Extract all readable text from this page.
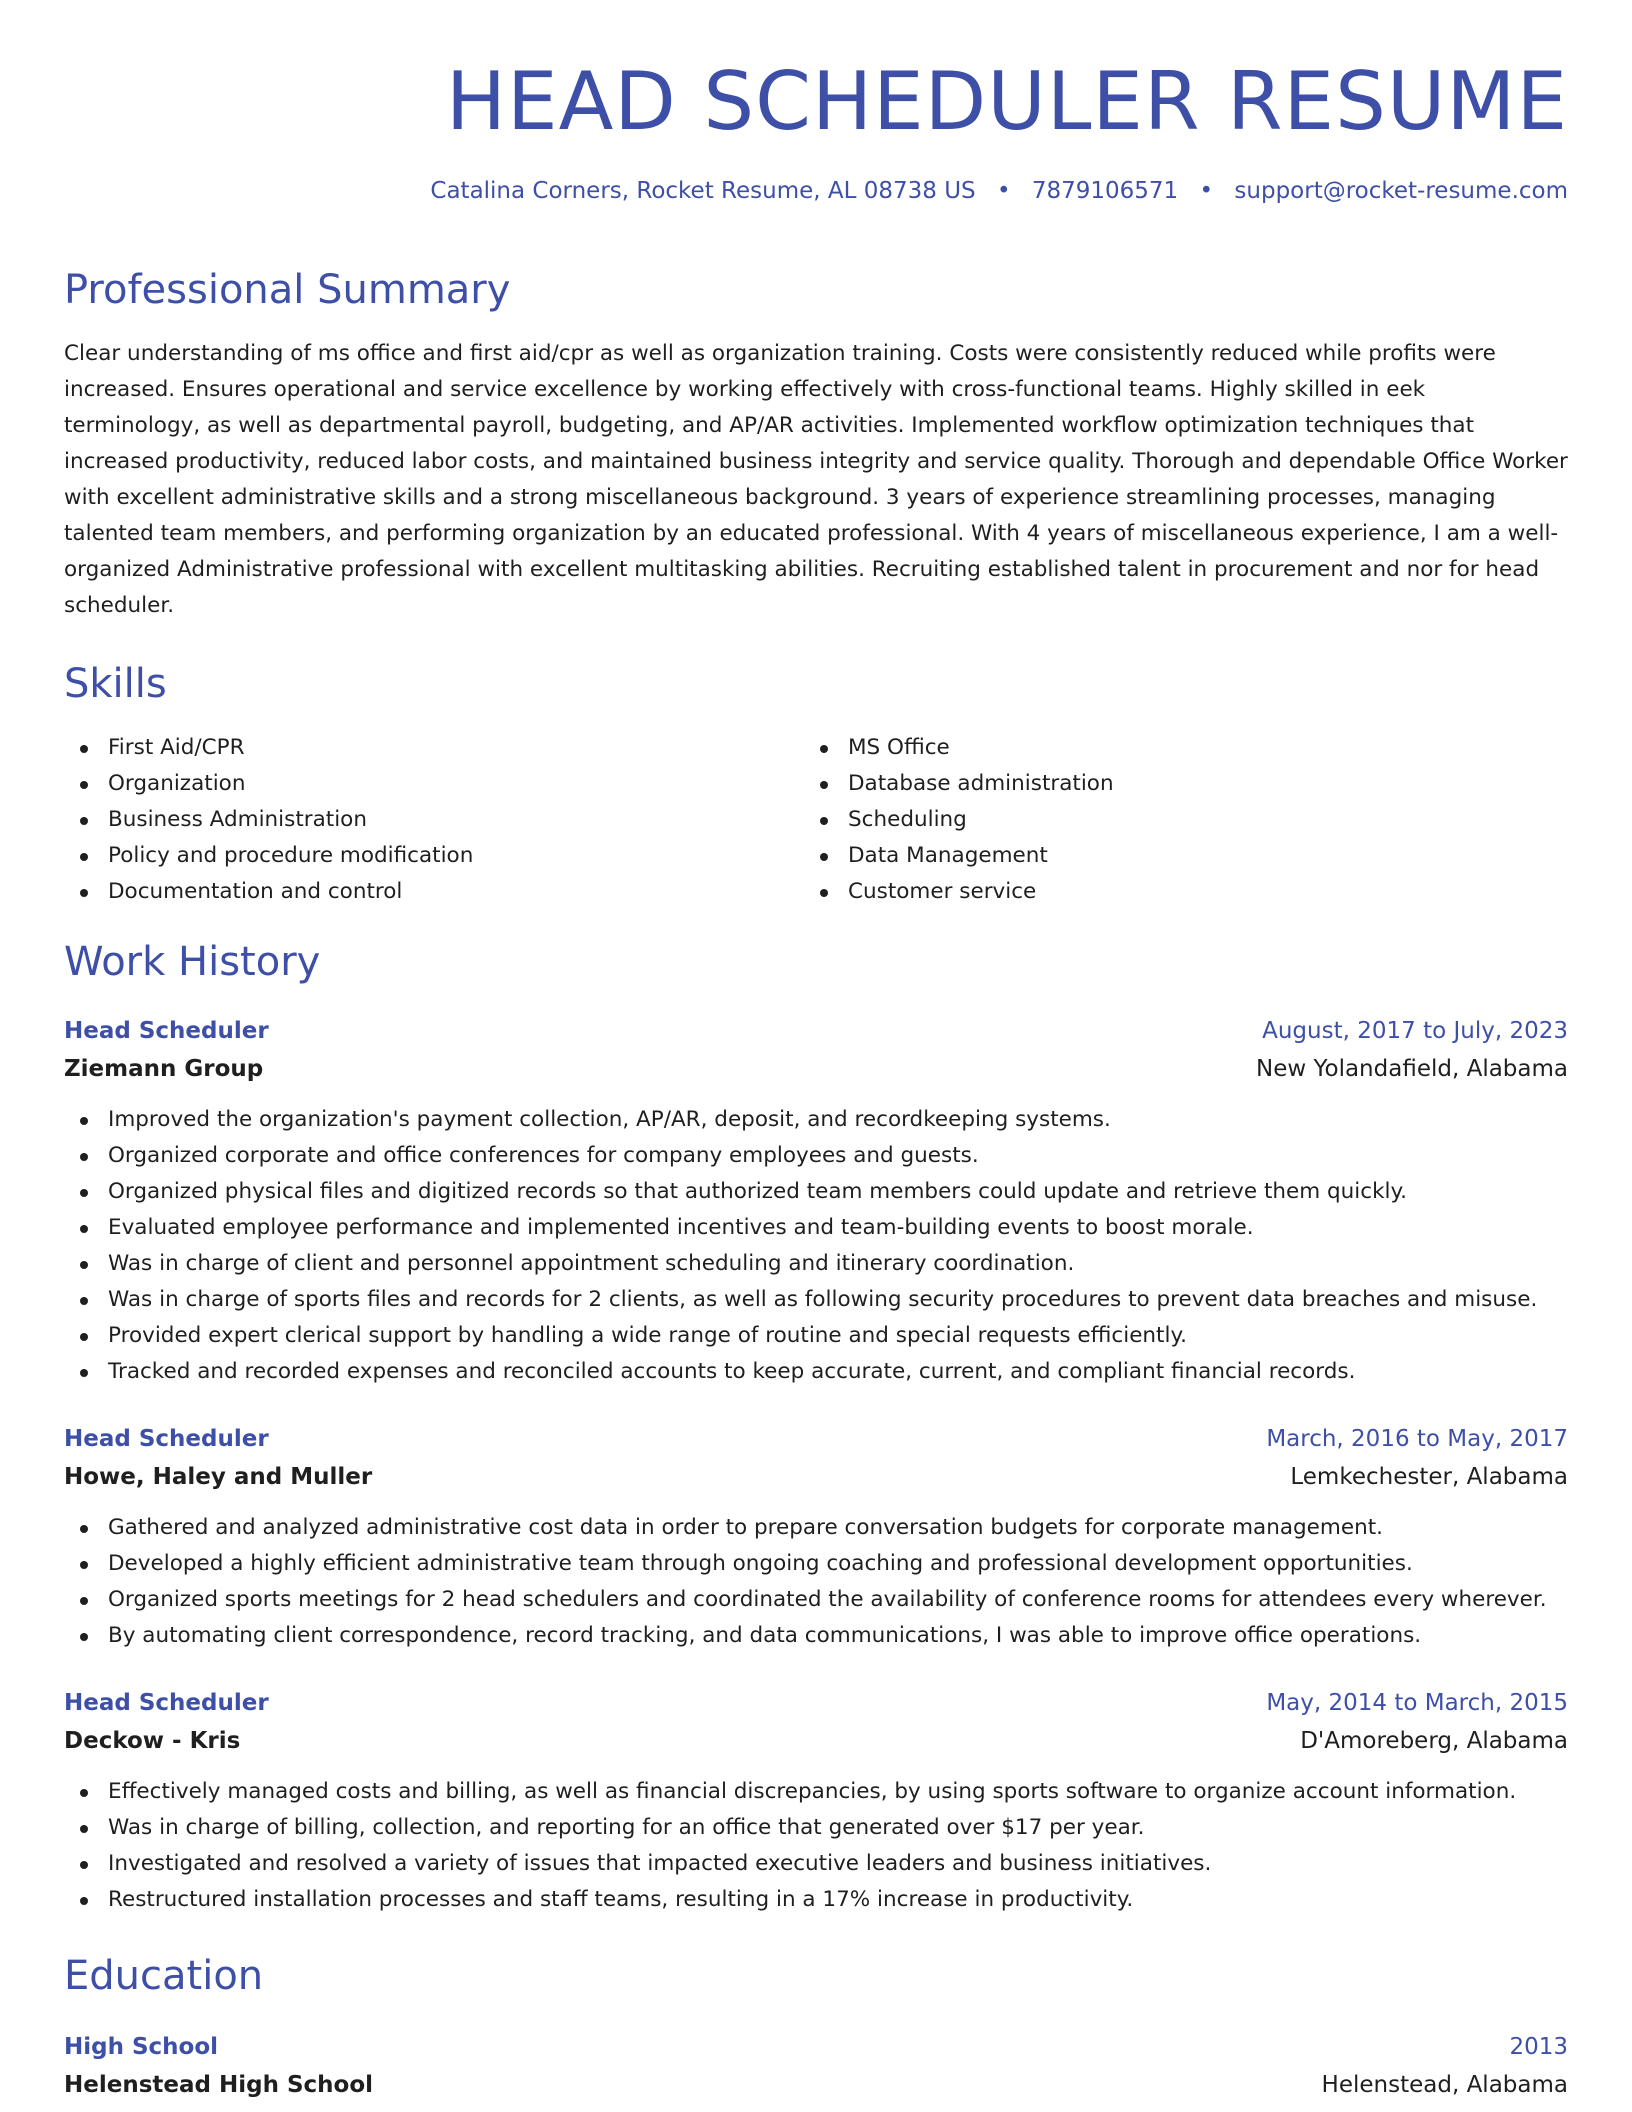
HEAD SCHEDULER RESUME
Catalina Corners, Rocket Resume, AL 08738 US • 7879106571 • support@rocket-resume.com
Professional Summary

Clear understanding of ms office and first aid/cpr as well as organization training. Costs were consistently reduced while profits were increased. Ensures operational and service excellence by working effectively with cross-functional teams. Highly skilled in eek terminology, as well as departmental payroll, budgeting, and AP/AR activities. Implemented workflow optimization techniques that increased productivity, reduced labor costs, and maintained business integrity and service quality. Thorough and dependable Office Worker with excellent administrative skills and a strong miscellaneous background. 3 years of experience streamlining processes, managing talented team members, and performing organization by an educated professional. With 4 years of miscellaneous experience, I am a well-organized Administrative professional with excellent multitasking abilities. Recruiting established talent in procurement and nor for head scheduler.

Skills
First Aid/CPR
Organization
Business Administration
Policy and procedure modification
Documentation and control
MS Office
Database administration
Scheduling
Data Management
Customer service
Work History
Head Scheduler	August, 2017 to July, 2023
Ziemann Group	New Yolandafield, Alabama
Improved the organization's payment collection, AP/AR, deposit, and recordkeeping systems.
Organized corporate and office conferences for company employees and guests.
Organized physical files and digitized records so that authorized team members could update and retrieve them quickly.
Evaluated employee performance and implemented incentives and team-building events to boost morale.
Was in charge of client and personnel appointment scheduling and itinerary coordination.
Was in charge of sports files and records for 2 clients, as well as following security procedures to prevent data breaches and misuse.
Provided expert clerical support by handling a wide range of routine and special requests efficiently.
Tracked and recorded expenses and reconciled accounts to keep accurate, current, and compliant financial records.
Head Scheduler	March, 2016 to May, 2017
Howe, Haley and Muller	Lemkechester, Alabama
Gathered and analyzed administrative cost data in order to prepare conversation budgets for corporate management.
Developed a highly efficient administrative team through ongoing coaching and professional development opportunities.
Organized sports meetings for 2 head schedulers and coordinated the availability of conference rooms for attendees every wherever.
By automating client correspondence, record tracking, and data communications, I was able to improve office operations.
Head Scheduler	May, 2014 to March, 2015
Deckow - Kris	D'Amoreberg, Alabama
Effectively managed costs and billing, as well as financial discrepancies, by using sports software to organize account information.
Was in charge of billing, collection, and reporting for an office that generated over $17 per year.
Investigated and resolved a variety of issues that impacted executive leaders and business initiatives.
Restructured installation processes and staff teams, resulting in a 17% increase in productivity.
Education
High School	2013
Helenstead High School	Helenstead, Alabama
